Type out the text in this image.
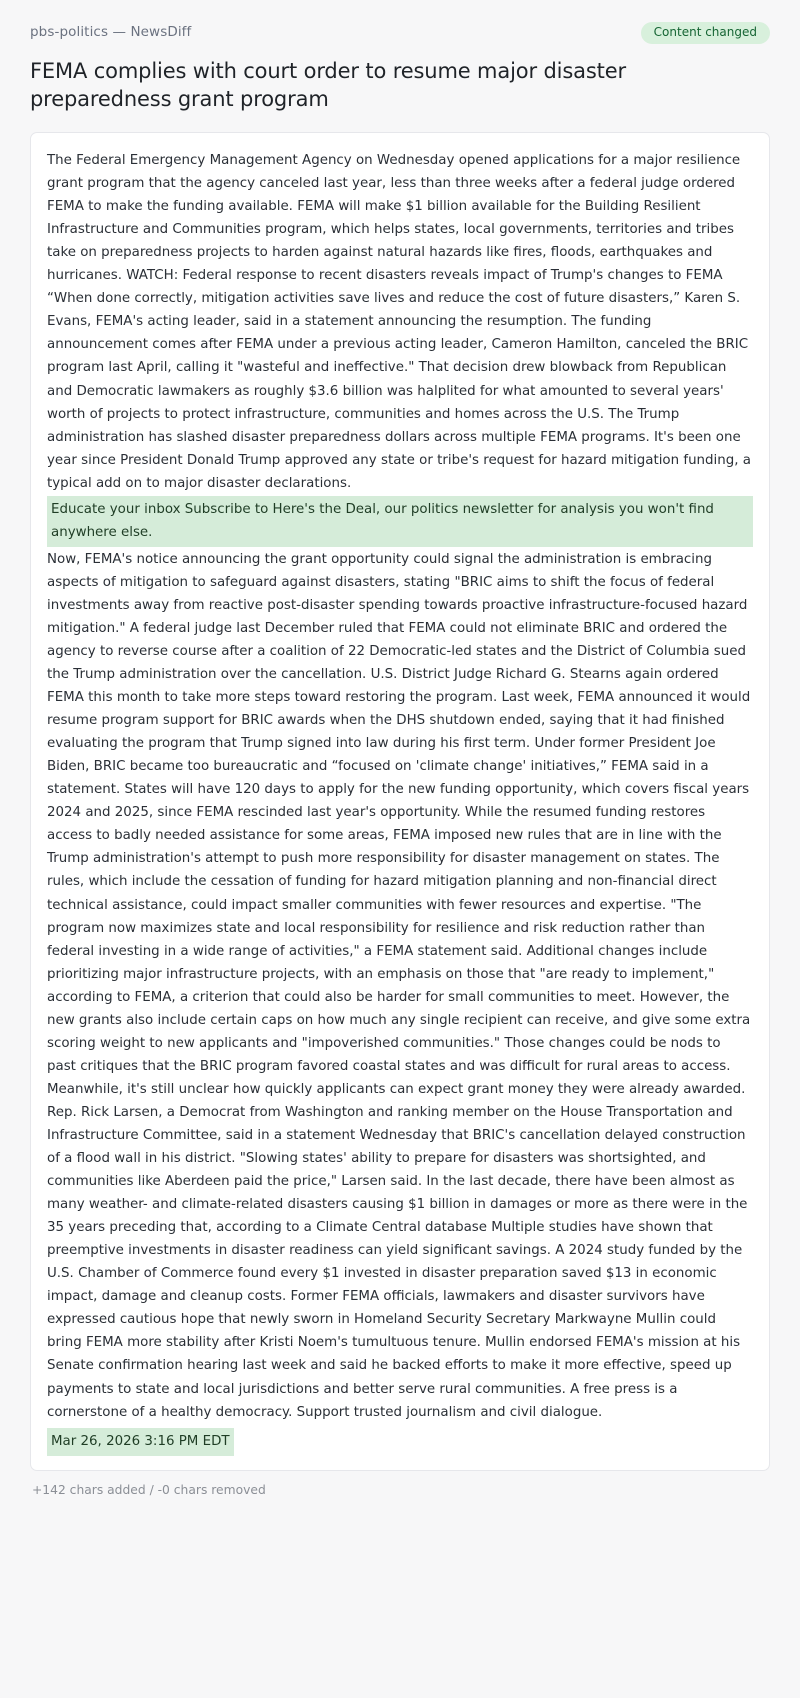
pbs-politics — NewsDiff	Content changed
FEMA complies with court order to resume major disaster preparedness grant program

The Federal Emergency Management Agency on Wednesday opened applications for a major resilience grant program that the agency canceled last year, less than three weeks after a federal judge ordered FEMA to make the funding available. FEMA will make $1 billion available for the Building Resilient Infrastructure and Communities program, which helps states, local governments, territories and tribes take on preparedness projects to harden against natural hazards like fires, floods, earthquakes and hurricanes. WATCH: Federal response to recent disasters reveals impact of Trump's changes to FEMA “When done correctly, mitigation activities save lives and reduce the cost of future disasters,” Karen S. Evans, FEMA's acting leader, said in a statement announcing the resumption. The funding announcement comes after FEMA under a previous acting leader, Cameron Hamilton, canceled the BRIC program last April, calling it "wasteful and ineffective." That decision drew blowback from Republican and Democratic lawmakers as roughly $3.6 billion was halplited for what amounted to several years' worth of projects to protect infrastructure, communities and homes across the U.S. The Trump administration has slashed disaster preparedness dollars across multiple FEMA programs. It's been one year since President Donald Trump approved any state or tribe's request for hazard mitigation funding, a typical add on to major disaster declarations.

Educate your inbox Subscribe to Here's the Deal, our politics newsletter for analysis you won't find anywhere else.

Now, FEMA's notice announcing the grant opportunity could signal the administration is embracing aspects of mitigation to safeguard against disasters, stating "BRIC aims to shift the focus of federal investments away from reactive post-disaster spending towards proactive infrastructure-focused hazard mitigation." A federal judge last December ruled that FEMA could not eliminate BRIC and ordered the agency to reverse course after a coalition of 22 Democratic-led states and the District of Columbia sued the Trump administration over the cancellation. U.S. District Judge Richard G. Stearns again ordered FEMA this month to take more steps toward restoring the program. Last week, FEMA announced it would resume program support for BRIC awards when the DHS shutdown ended, saying that it had finished evaluating the program that Trump signed into law during his first term. Under former President Joe Biden, BRIC became too bureaucratic and “focused on 'climate change' initiatives,” FEMA said in a statement. States will have 120 days to apply for the new funding opportunity, which covers fiscal years 2024 and 2025, since FEMA rescinded last year's opportunity. While the resumed funding restores access to badly needed assistance for some areas, FEMA imposed new rules that are in line with the Trump administration's attempt to push more responsibility for disaster management on states. The rules, which include the cessation of funding for hazard mitigation planning and non-financial direct technical assistance, could impact smaller communities with fewer resources and expertise. "The program now maximizes state and local responsibility for resilience and risk reduction rather than federal investing in a wide range of activities," a FEMA statement said. Additional changes include prioritizing major infrastructure projects, with an emphasis on those that "are ready to implement," according to FEMA, a criterion that could also be harder for small communities to meet. However, the new grants also include certain caps on how much any single recipient can receive, and give some extra scoring weight to new applicants and "impoverished communities." Those changes could be nods to past critiques that the BRIC program favored coastal states and was difficult for rural areas to access. Meanwhile, it's still unclear how quickly applicants can expect grant money they were already awarded. Rep. Rick Larsen, a Democrat from Washington and ranking member on the House Transportation and Infrastructure Committee, said in a statement Wednesday that BRIC's cancellation delayed construction of a flood wall in his district. "Slowing states' ability to prepare for disasters was shortsighted, and communities like Aberdeen paid the price," Larsen said. In the last decade, there have been almost as many weather- and climate-related disasters causing $1 billion in damages or more as there were in the 35 years preceding that, according to a Climate Central database Multiple studies have shown that preemptive investments in disaster readiness can yield significant savings. A 2024 study funded by the U.S. Chamber of Commerce found every $1 invested in disaster preparation saved $13 in economic impact, damage and cleanup costs. Former FEMA officials, lawmakers and disaster survivors have expressed cautious hope that newly sworn in Homeland Security Secretary Markwayne Mullin could bring FEMA more stability after Kristi Noem's tumultuous tenure. Mullin endorsed FEMA's mission at his Senate confirmation hearing last week and said he backed efforts to make it more effective, speed up payments to state and local jurisdictions and better serve rural communities. A free press is a cornerstone of a healthy democracy. Support trusted journalism and civil dialogue.

Mar 26, 2026 3:16 PM EDT
+142 chars added / -0 chars removed
